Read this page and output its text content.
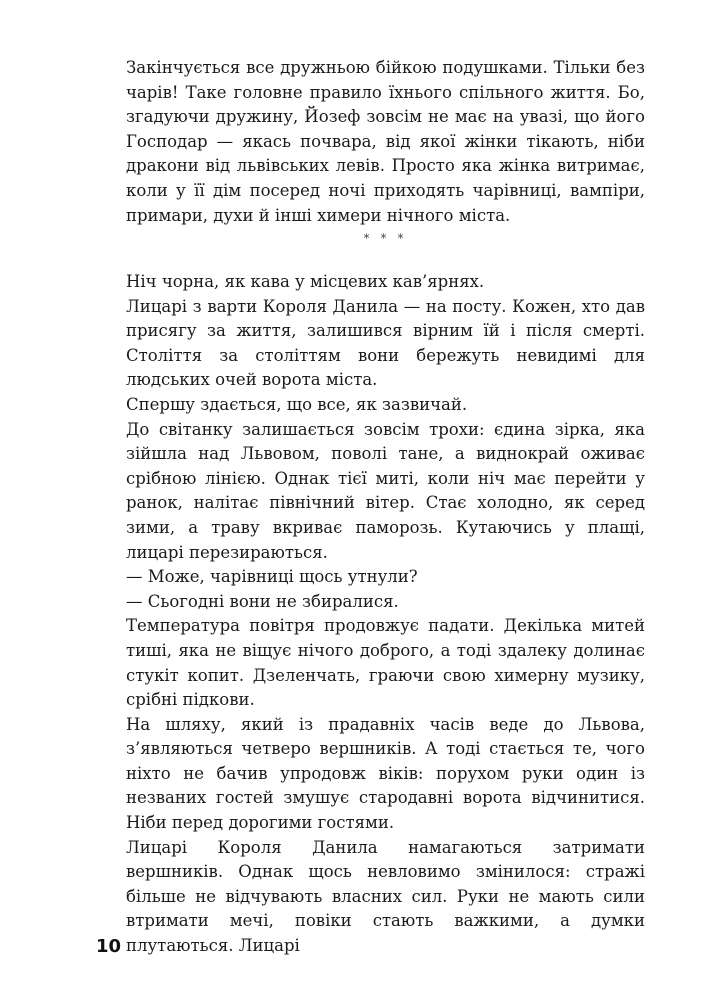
Закінчується все дружньою бійкою подушками. Тільки без чарів! Таке головне правило їхнього спільного життя. Бо, згадуючи дружину, Йозеф зовсім не має на увазі, що його Господар — якась почвара, від якої жінки тікають, ніби дракони від львівських левів. Просто яка жінка витримає, коли у її дім посеред ночі приходять чарівниці, вампіри, примари, духи й інші химери нічного міста.

* * *

Ніч чорна, як кава у місцевих кав’ярнях.

Лицарі з варти Короля Данила — на посту. Кожен, хто дав присягу за життя, залишився вірним їй і після смерті. Століття за століттям вони бережуть невидимі для людських очей ворота міста.

Спершу здається, що все, як зазвичай.

До світанку залишається зовсім трохи: єдина зірка, яка зійшла над Львовом, поволі тане, а виднокрай оживає срібною лінією. Однак тієї миті, коли ніч має перейти у ранок, налітає північний вітер. Стає холодно, як серед зими, а траву вкриває паморозь. Кутаючись у плащі, лицарі перезираються.

— Може, чарівниці щось утнули?

— Сьогодні вони не збиралися.

Температура повітря продовжує падати. Декілька митей тиші, яка не віщує нічого доброго, а тоді здалеку долинає стукіт копит. Дзеленчать, граючи свою химерну музику, срібні підкови.

На шляху, який із прадавніх часів веде до Львова, з’являються четверо вершників. А тоді стається те, чого ніхто не бачив упродовж віків: порухом руки один із незваних гостей змушує стародавні ворота відчинитися. Ніби перед дорогими гостями.

Лицарі Короля Данила намагаються затримати вершників. Однак щось невловимо змінилося: стражі більше не відчувають власних сил. Руки не мають сили втримати мечі, повіки стають важкими, а думки плутаються. Лицарі

10
